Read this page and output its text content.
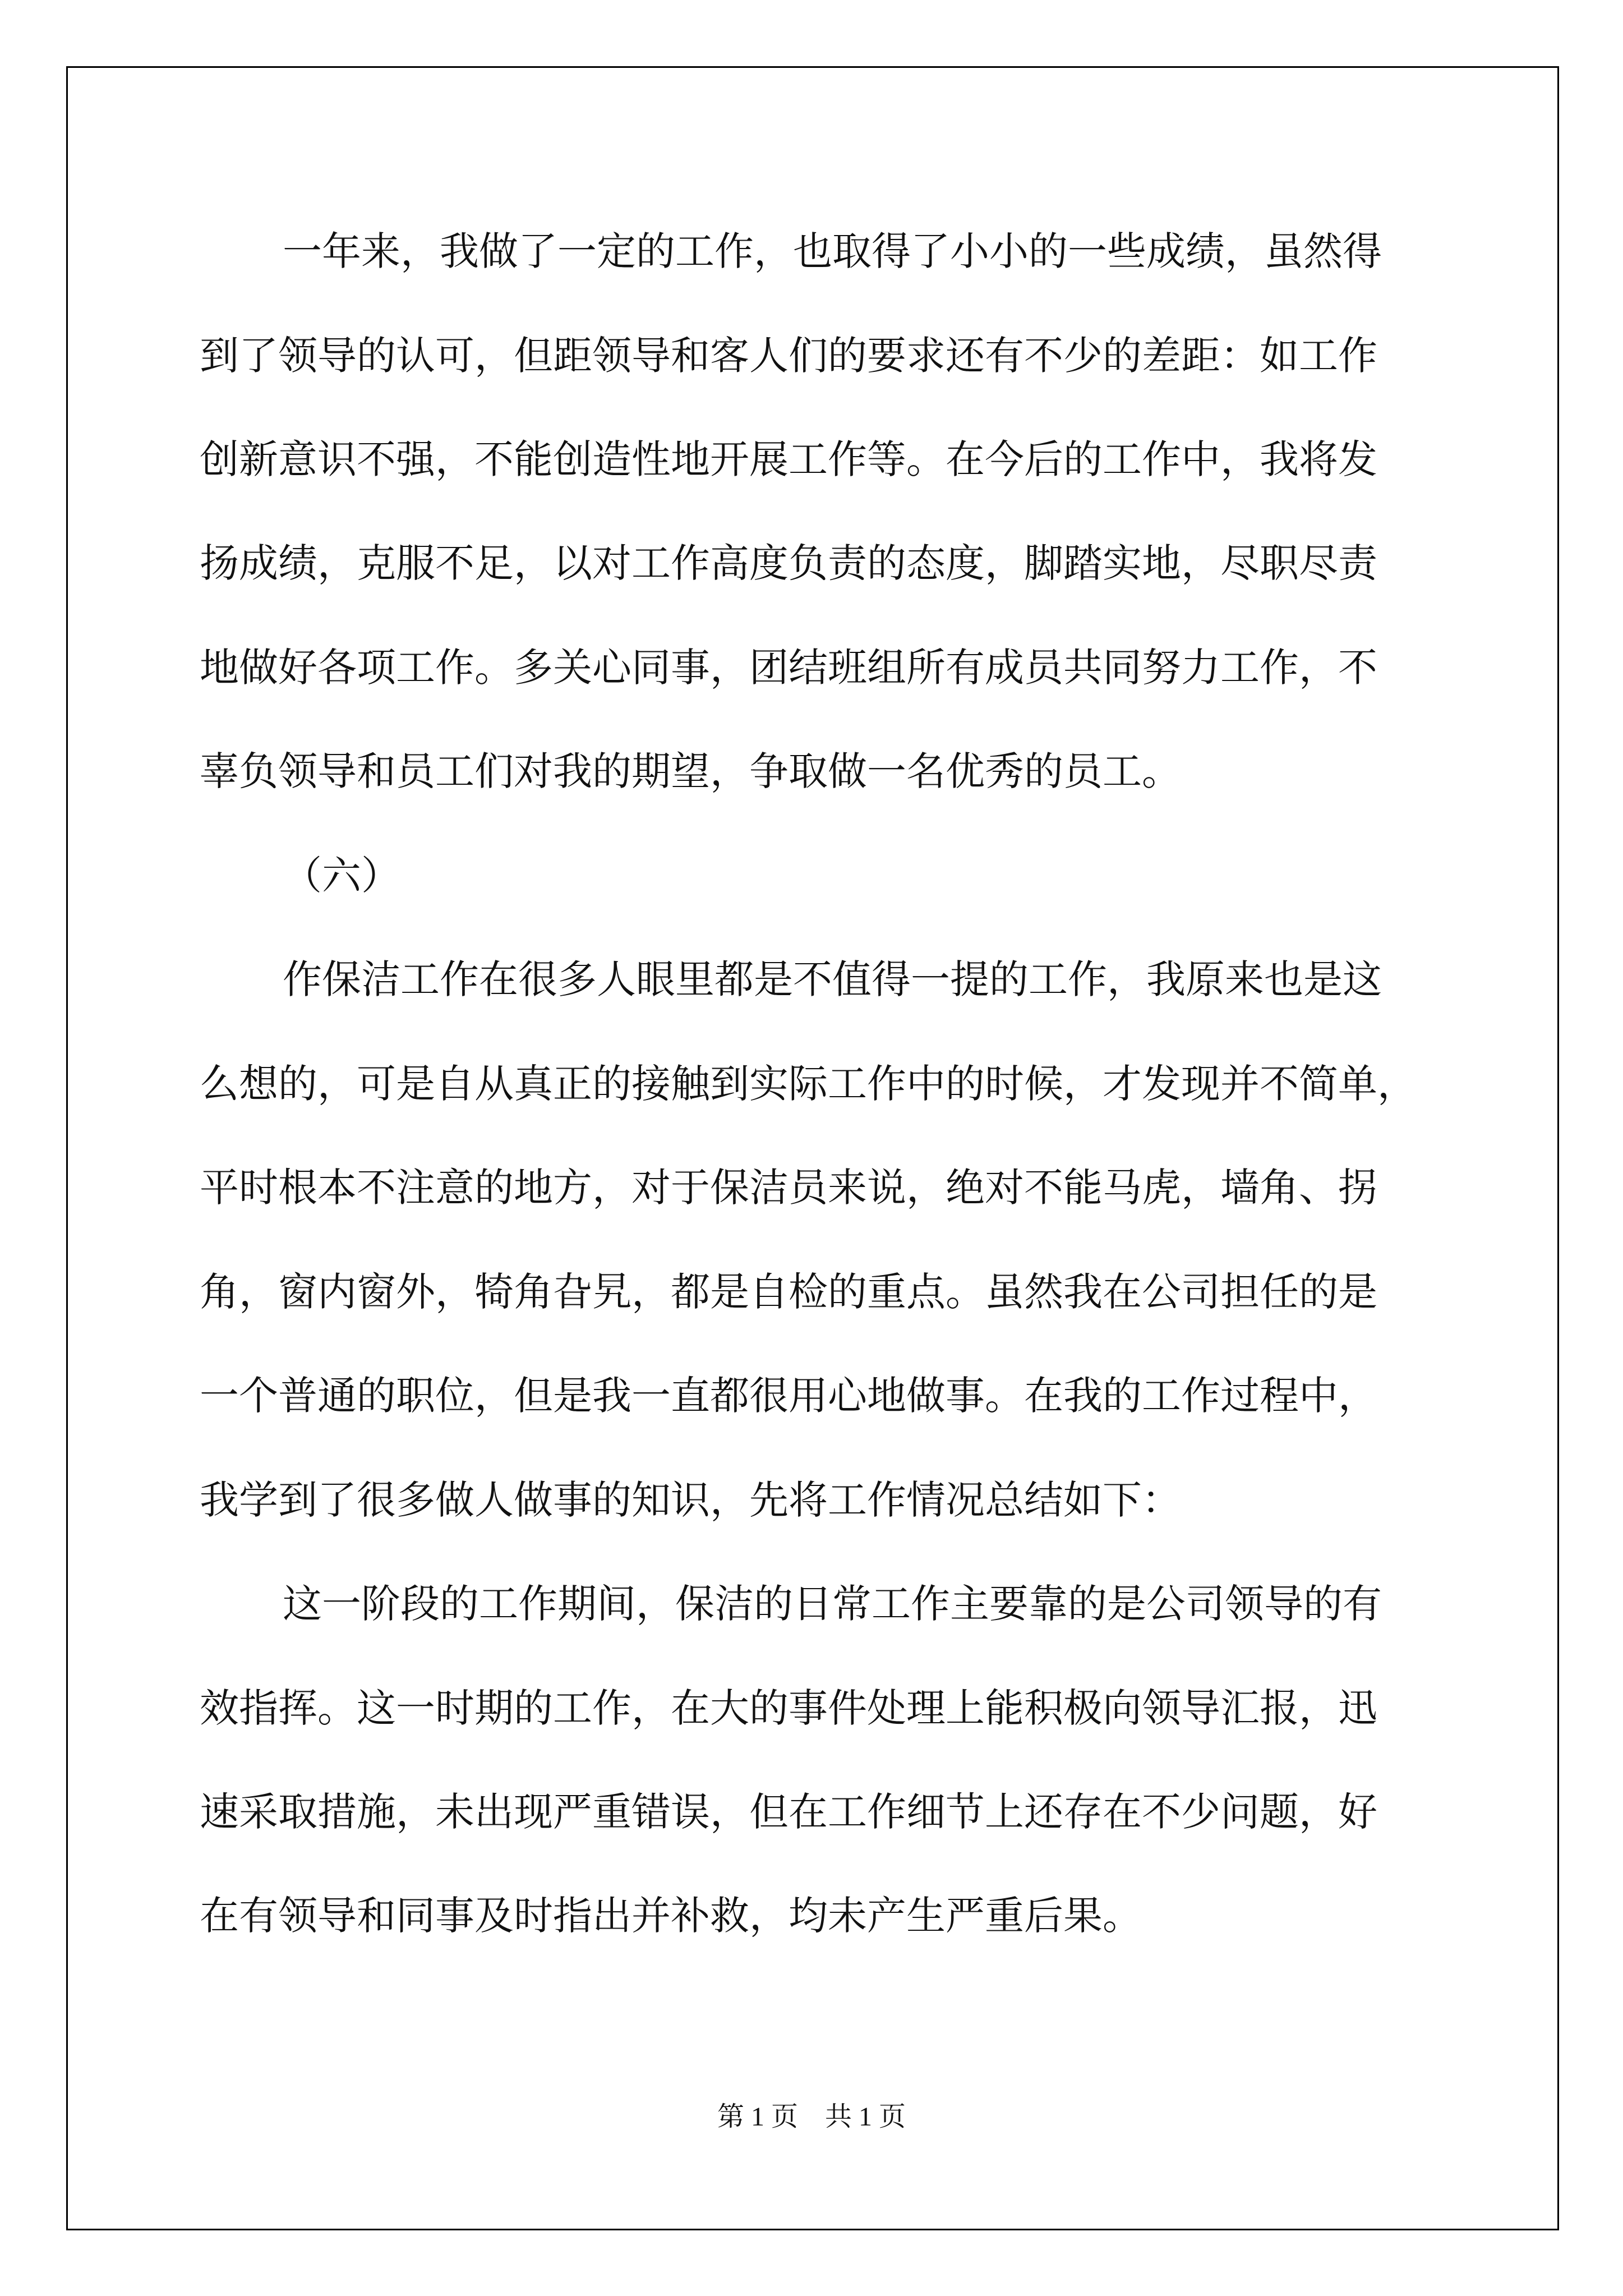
一年来，我做了一定的工作，也取得了小小的一些成绩，虽然得

到了领导的认可，但距领导和客人们的要求还有不少的差距：如工作

创新意识不强，不能创造性地开展工作等。在今后的工作中，我将发

扬成绩，克服不足，以对工作高度负责的态度，脚踏实地，尽职尽责

地做好各项工作。多关心同事，团结班组所有成员共同努力工作，不

辜负领导和员工们对我的期望，争取做一名优秀的员工。

（六）

作保洁工作在很多人眼里都是不值得一提的工作，我原来也是这

么想的，可是自从真正的接触到实际工作中的时候，才发现并不简单，

平时根本不注意的地方，对于保洁员来说，绝对不能马虎，墙角、拐

角，窗内窗外，犄角旮旯，都是自检的重点。虽然我在公司担任的是

一个普通的职位，但是我一直都很用心地做事。在我的工作过程中，

我学到了很多做人做事的知识，先将工作情况总结如下：

这一阶段的工作期间，保洁的日常工作主要靠的是公司领导的有

效指挥。这一时期的工作，在大的事件处理上能积极向领导汇报，迅

速采取措施，未出现严重错误，但在工作细节上还存在不少问题，好

在有领导和同事及时指出并补救，均未产生严重后果。

第 1 页    共 1 页
